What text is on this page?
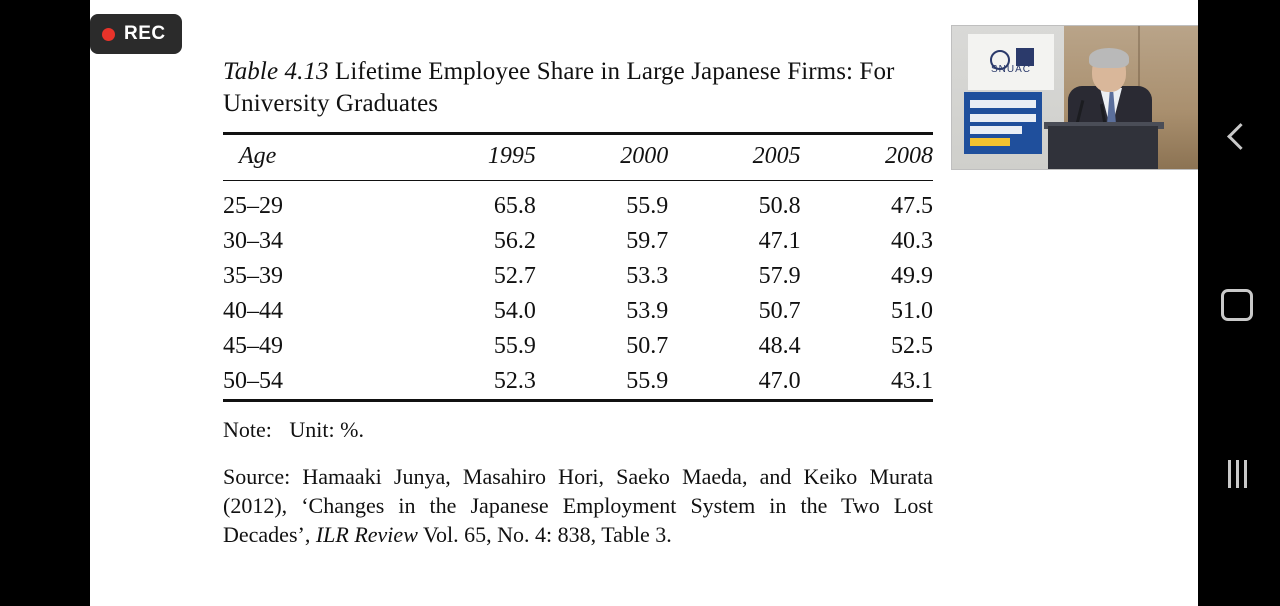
Table 4.13 Lifetime Employee Share in Large Japanese Firms: For University Graduates

Age	1995	2000	2005	2008
25–29	65.8	55.9	50.8	47.5
30–34	56.2	59.7	47.1	40.3
35–39	52.7	53.3	57.9	49.9
40–44	54.0	53.9	50.7	51.0
45–49	55.9	50.7	48.4	52.5
50–54	52.3	55.9	47.0	43.1

Note: Unit: %.

Source: Hamaaki Junya, Masahiro Hori, Saeko Maeda, and Keiko Murata (2012), ‘Changes in the Japanese Employment System in the Two Lost Decades’, ILR Review Vol. 65, No. 4: 838, Table 3.

REC
SNUAC
